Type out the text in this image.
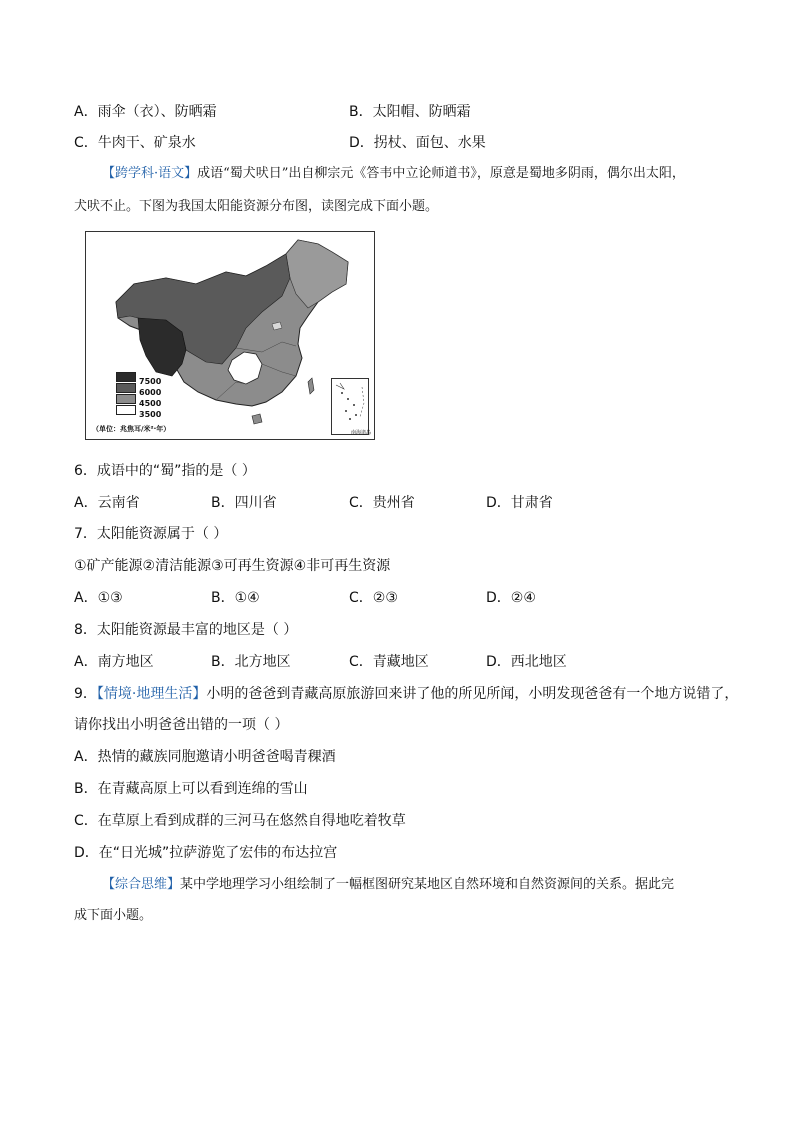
A．雨伞（衣）、防晒霜	B．太阳帽、防晒霜
C．牛肉干、矿泉水	D．拐杖、面包、水果
【跨学科·语文】成语“蜀犬吠日”出自柳宗元《答韦中立论师道书》，原意是蜀地多阴雨，偶尔出太阳，
犬吠不止。下图为我国太阳能资源分布图，读图完成下面小题。
7500
6000
4500
3500
（单位：兆焦耳/米²·年）	南海诸岛
6．成语中的“蜀”指的是（ ）
A．云南省	B．四川省	C．贵州省	D．甘肃省
7．太阳能资源属于（ ）
①矿产能源②清洁能源③可再生资源④非可再生资源
A．①③	B．①④	C．②③	D．②④
8．太阳能资源最丰富的地区是（ ）
A．南方地区	B．北方地区	C．青藏地区	D．西北地区
9．【情境·地理生活】小明的爸爸到青藏高原旅游回来讲了他的所见所闻，小明发现爸爸有一个地方说错了，
请你找出小明爸爸出错的一项（ ）
A．热情的藏族同胞邀请小明爸爸喝青稞酒
B．在青藏高原上可以看到连绵的雪山
C．在草原上看到成群的三河马在悠然自得地吃着牧草
D．在“日光城”拉萨游览了宏伟的布达拉宫
【综合思维】某中学地理学习小组绘制了一幅框图研究某地区自然环境和自然资源间的关系。据此完
成下面小题。
